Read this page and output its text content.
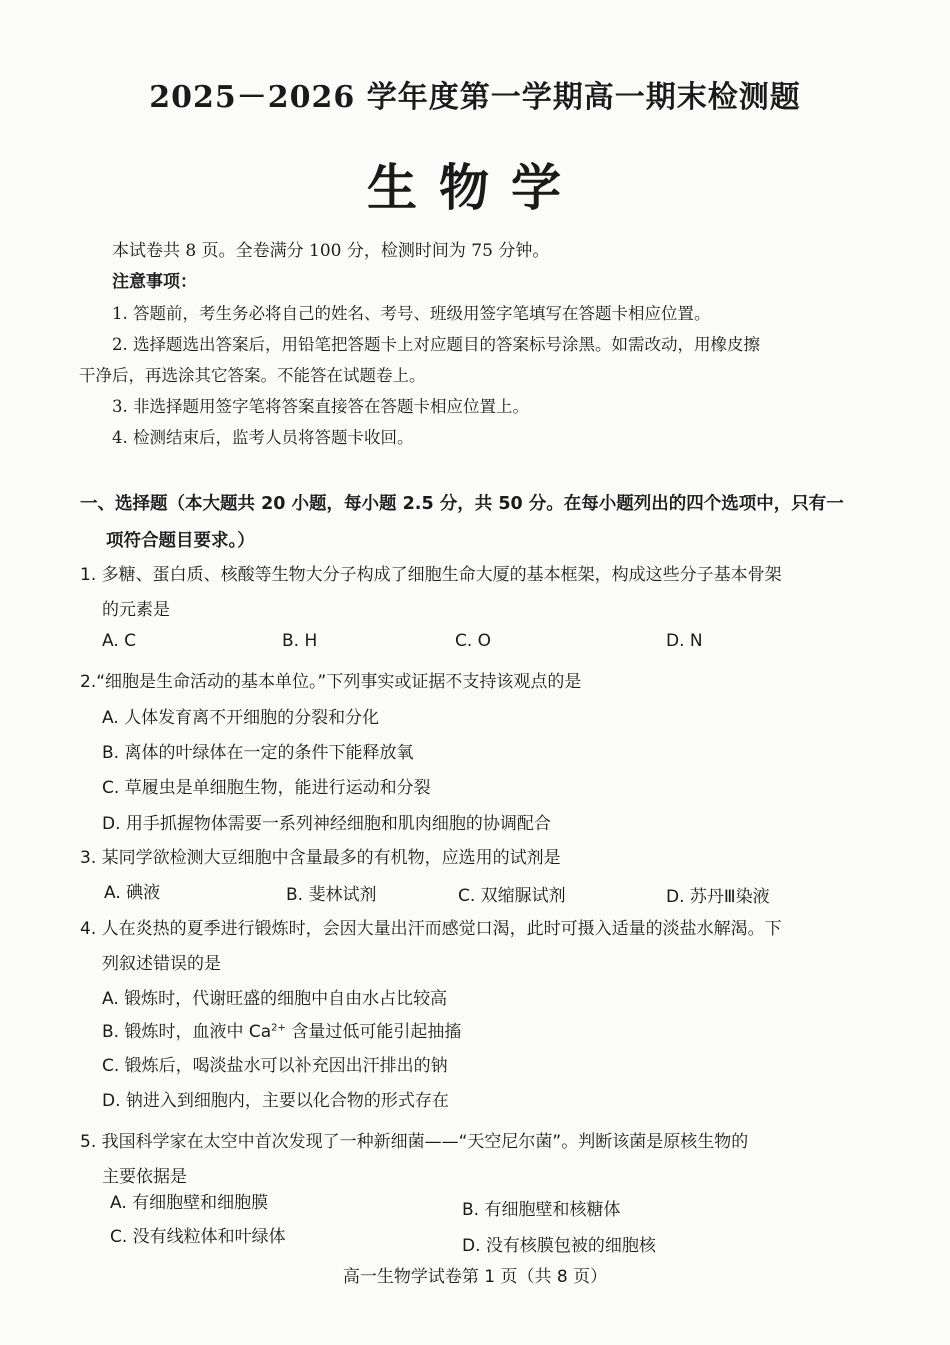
2025－2026 学年度第一学期高一期末检测题
生物学
本试卷共 8 页。全卷满分 100 分，检测时间为 75 分钟。
注意事项：
1. 答题前，考生务必将自己的姓名、考号、班级用签字笔填写在答题卡相应位置。
2. 选择题选出答案后，用铅笔把答题卡上对应题目的答案标号涂黑。如需改动，用橡皮擦
干净后，再选涂其它答案。不能答在试题卷上。
3. 非选择题用签字笔将答案直接答在答题卡相应位置上。
4. 检测结束后，监考人员将答题卡收回。
一、选择题（本大题共 20 小题，每小题 2.5 分，共 50 分。在每小题列出的四个选项中，只有一
项符合题目要求。）
1. 多糖、蛋白质、核酸等生物大分子构成了细胞生命大厦的基本框架，构成这些分子基本骨架
的元素是
A. C	B. H	C. O	D. N
2.“细胞是生命活动的基本单位。”下列事实或证据不支持该观点的是
A. 人体发育离不开细胞的分裂和分化
B. 离体的叶绿体在一定的条件下能释放氧
C. 草履虫是单细胞生物，能进行运动和分裂
D. 用手抓握物体需要一系列神经细胞和肌肉细胞的协调配合
3. 某同学欲检测大豆细胞中含量最多的有机物，应选用的试剂是
A. 碘液	B. 斐林试剂	C. 双缩脲试剂	D. 苏丹Ⅲ染液
4. 人在炎热的夏季进行锻炼时，会因大量出汗而感觉口渴，此时可摄入适量的淡盐水解渴。下
列叙述错误的是
A. 锻炼时，代谢旺盛的细胞中自由水占比较高
B. 锻炼时，血液中 $Ca^{2+}$ 含量过低可能引起抽搐
C. 锻炼后，喝淡盐水可以补充因出汗排出的钠
D. 钠进入到细胞内，主要以化合物的形式存在
5. 我国科学家在太空中首次发现了一种新细菌——“天空尼尔菌”。判断该菌是原核生物的
主要依据是
A. 有细胞壁和细胞膜	B. 有细胞壁和核糖体
C. 没有线粒体和叶绿体	D. 没有核膜包被的细胞核
高一生物学试卷第 1 页（共 8 页）
